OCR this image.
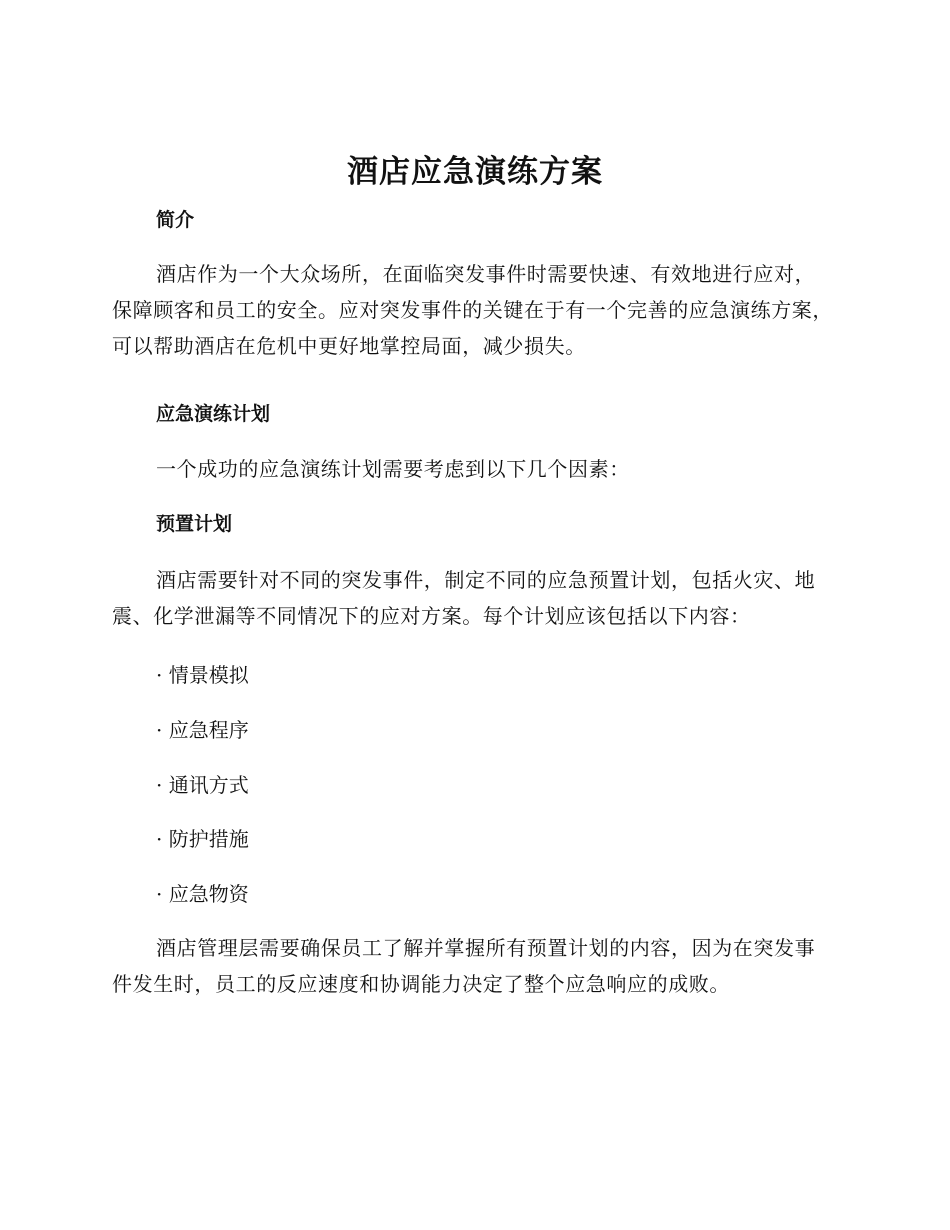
酒店应急演练方案
简介

酒店作为一个大众场所，在面临突发事件时需要快速、有效地进行应对，保障顾客和员工的安全。应对突发事件的关键在于有一个完善的应急演练方案，可以帮助酒店在危机中更好地掌控局面，减少损失。

应急演练计划

一个成功的应急演练计划需要考虑到以下几个因素：

预置计划

酒店需要针对不同的突发事件，制定不同的应急预置计划，包括火灾、地震、化学泄漏等不同情况下的应对方案。每个计划应该包括以下内容：

· 情景模拟

· 应急程序

· 通讯方式

· 防护措施

· 应急物资

酒店管理层需要确保员工了解并掌握所有预置计划的内容，因为在突发事件发生时，员工的反应速度和协调能力决定了整个应急响应的成败。
